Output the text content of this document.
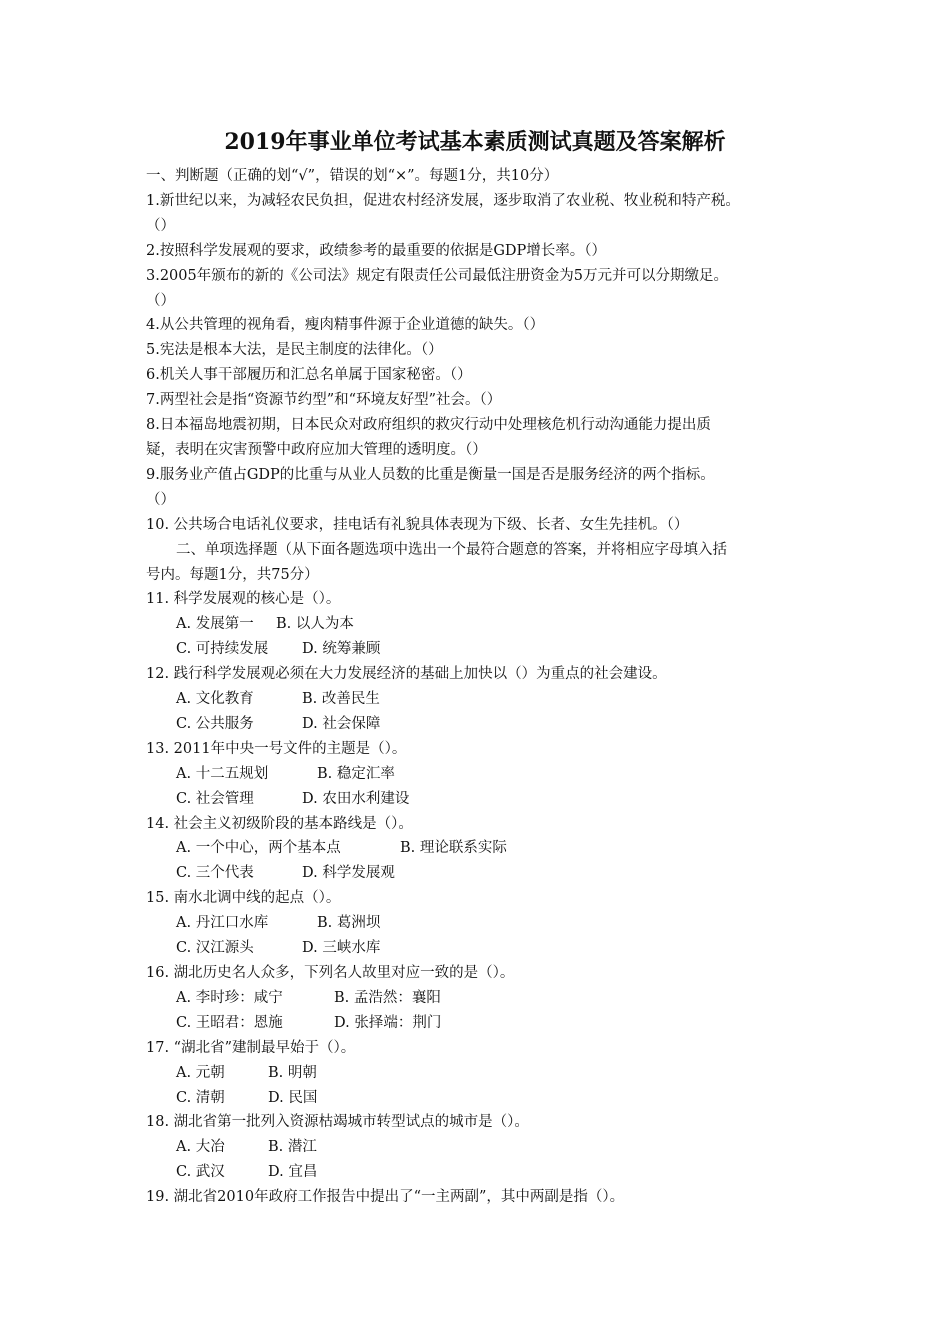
2019年事业单位考试基本素质测试真题及答案解析

一、判断题（正确的划“√”，错误的划“×”。每题1分，共10分）

1.新世纪以来，为减轻农民负担，促进农村经济发展，逐步取消了农业税、牧业税和特产税。

（）

2.按照科学发展观的要求，政绩参考的最重要的依据是GDP增长率。（）

3.2005年颁布的新的《公司法》规定有限责任公司最低注册资金为5万元并可以分期缴足。

（）

4.从公共管理的视角看，瘦肉精事件源于企业道德的缺失。（）

5.宪法是根本大法，是民主制度的法律化。（）

6.机关人事干部履历和汇总名单属于国家秘密。（）

7.两型社会是指“资源节约型”和“环境友好型”社会。（）

8.日本福岛地震初期，日本民众对政府组织的救灾行动中处理核危机行动沟通能力提出质

疑，表明在灾害预警中政府应加大管理的透明度。（）

9.服务业产值占GDP的比重与从业人员数的比重是衡量一国是否是服务经济的两个指标。

（）

10. 公共场合电话礼仪要求，挂电话有礼貌具体表现为下级、长者、女生先挂机。（）

二、单项选择题（从下面各题选项中选出一个最符合题意的答案，并将相应字母填入括

号内。每题1分，共75分）

11. 科学发展观的核心是（）。

A. 发展第一 B. 以人为本

C. 可持续发展 D. 统筹兼顾

12. 践行科学发展观必须在大力发展经济的基础上加快以（）为重点的社会建设。

A. 文化教育	B. 改善民生

C. 公共服务	D. 社会保障

13. 2011年中央一号文件的主题是（）。

A. 十二五规划	B. 稳定汇率

C. 社会管理	D. 农田水利建设

14. 社会主义初级阶段的基本路线是（）。

A. 一个中心，两个基本点	B. 理论联系实际

C. 三个代表	D. 科学发展观

15. 南水北调中线的起点（）。

A. 丹江口水库	B. 葛洲坝

C. 汉江源头	D. 三峡水库

16. 湖北历史名人众多，下列名人故里对应一致的是（）。

A. 李时珍：咸宁	B. 孟浩然：襄阳

C. 王昭君：恩施	D. 张择端：荆门

17. “湖北省”建制最早始于（）。

A. 元朝	B. 明朝

C. 清朝	D. 民国

18. 湖北省第一批列入资源枯竭城市转型试点的城市是（）。

A. 大冶	B. 潜江

C. 武汉	D. 宜昌

19. 湖北省2010年政府工作报告中提出了“一主两副”，其中两副是指（）。
